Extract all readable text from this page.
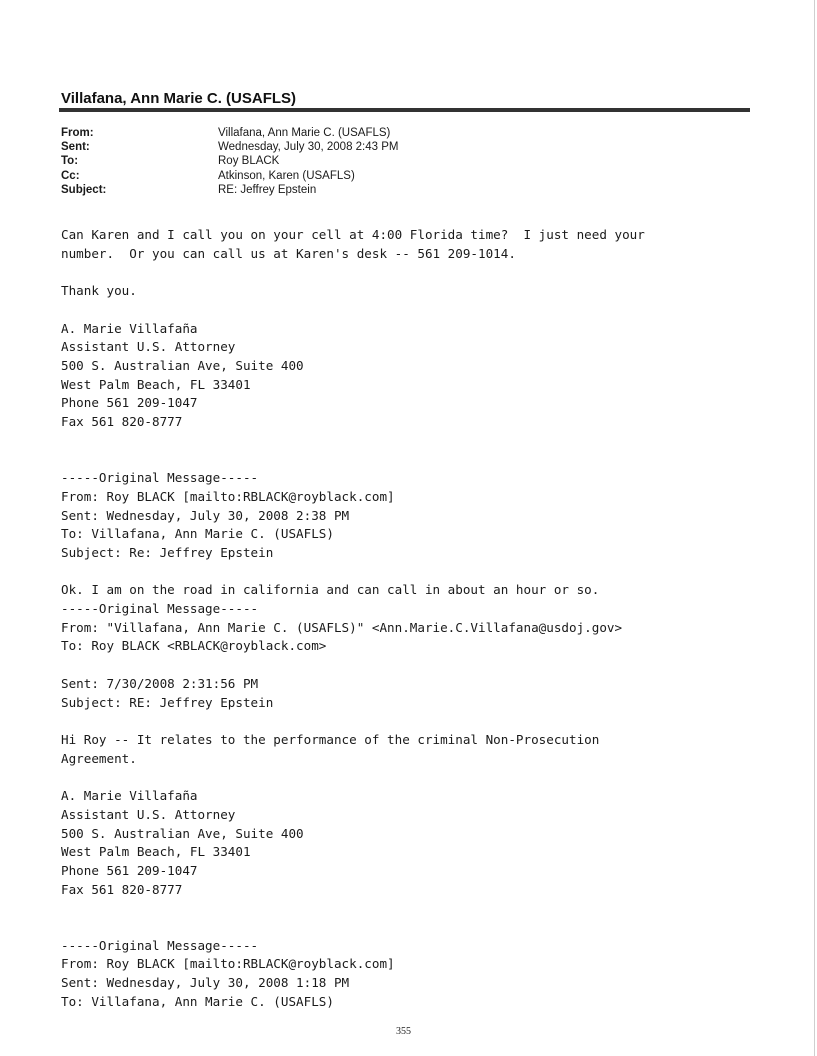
Villafana, Ann Marie C. (USAFLS)
From:	Villafana, Ann Marie C. (USAFLS)
Sent:	Wednesday, July 30, 2008 2:43 PM
To:	Roy BLACK
Cc:	Atkinson, Karen (USAFLS)
Subject:	RE: Jeffrey Epstein
Can Karen and I call you on your cell at 4:00 Florida time?  I just need your
number.  Or you can call us at Karen's desk -- 561 209-1014.

Thank you.

A. Marie Villafaña
Assistant U.S. Attorney
500 S. Australian Ave, Suite 400
West Palm Beach, FL 33401
Phone 561 209-1047
Fax 561 820-8777

-----Original Message-----
From: Roy BLACK [mailto:RBLACK@royblack.com]
Sent: Wednesday, July 30, 2008 2:38 PM
To: Villafana, Ann Marie C. (USAFLS)
Subject: Re: Jeffrey Epstein

Ok. I am on the road in california and can call in about an hour or so.
-----Original Message-----
From: "Villafana, Ann Marie C. (USAFLS)" <Ann.Marie.C.Villafana@usdoj.gov>
To: Roy BLACK <RBLACK@royblack.com>

Sent: 7/30/2008 2:31:56 PM
Subject: RE: Jeffrey Epstein

Hi Roy -- It relates to the performance of the criminal Non-Prosecution
Agreement.

A. Marie Villafaña
Assistant U.S. Attorney
500 S. Australian Ave, Suite 400
West Palm Beach, FL 33401
Phone 561 209-1047
Fax 561 820-8777

-----Original Message-----
From: Roy BLACK [mailto:RBLACK@royblack.com]
Sent: Wednesday, July 30, 2008 1:18 PM
To: Villafana, Ann Marie C. (USAFLS)
355
